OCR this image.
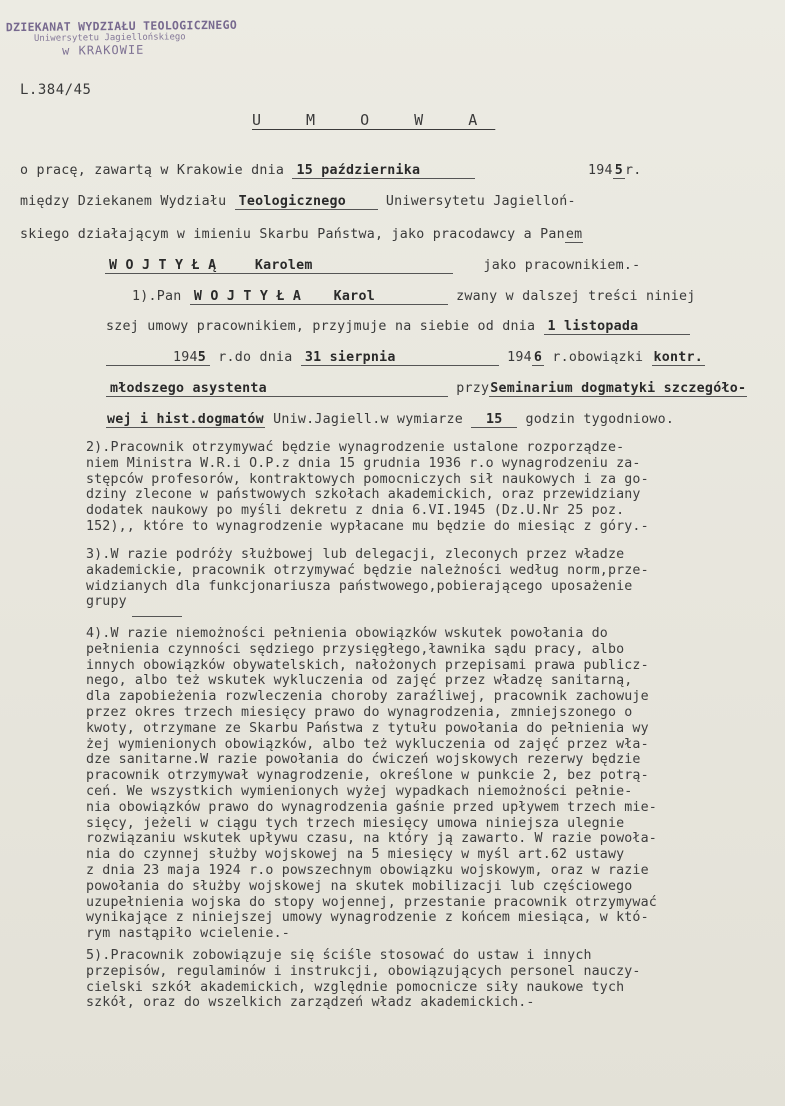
DZIEKANAT WYDZIAŁU TEOLOGICZNEGO
Uniwersytetu Jagiellońskiego
w KRAKOWIE
L.384/45
U M O W A
o pracę, zawartą w Krakowie dnia 15 października	194 5 r.
między Dziekanem Wydziału Teologicznego	Uniwersytetu Jagielloń-
skiego działającym w imieniu Skarbu Państwa, jako pracodawcy a Panem
W O J T Y Ł Ą	Karolem	jako pracownikiem.-
1).Pan W O J T Y Ł A Karol	zwany w dalszej treści niniej
szej umowy pracownikiem, przyjmuje na siebie od dnia 1 listopada
1945 r.do dnia 31 sierpnia	194 6 r.obowiązki kontr.
młodszego asystenta	przySeminarium dogmatyki szczegóło-
wej i hist.dogmatów Uniw.Jagiell.w wymiarze 15 godzin tygodniowo.
2).Pracownik otrzymywać będzie wynagrodzenie ustalone rozporządze-
niem Ministra W.R.i O.P.z dnia 15 grudnia 1936 r.o wynagrodzeniu za-
stępców profesorów, kontraktowych pomocniczych sił naukowych i za go-
dziny zlecone w państwowych szkołach akademickich, oraz przewidziany
dodatek naukowy po myśli dekretu z dnia 6.VI.1945 (Dz.U.Nr 25 poz.
152),, które to wynagrodzenie wypłacane mu będzie do miesiąc z góry.-
3).W razie podróży służbowej lub delegacji, zleconych przez władze
akademickie, pracownik otrzymywać będzie należności według norm,prze-
widzianych dla funkcjonariusza państwowego,pobierającego uposażenie
grupy
4).W razie niemożności pełnienia obowiązków wskutek powołania do
pełnienia czynności sędziego przysięgłego,ławnika sądu pracy, albo
innych obowiązków obywatelskich, nałożonych przepisami prawa publicz-
nego, albo też wskutek wykluczenia od zajęć przez władzę sanitarną,
dla zapobieżenia rozwleczenia choroby zaraźliwej, pracownik zachowuje
przez okres trzech miesięcy prawo do wynagrodzenia, zmniejszonego o
kwoty, otrzymane ze Skarbu Państwa z tytułu powołania do pełnienia wy
żej wymienionych obowiązków, albo też wykluczenia od zajęć przez wła-
dze sanitarne.W razie powołania do ćwiczeń wojskowych rezerwy będzie
pracownik otrzymywał wynagrodzenie, określone w punkcie 2, bez potrą-
ceń. We wszystkich wymienionych wyżej wypadkach niemożności pełnie-
nia obowiązków prawo do wynagrodzenia gaśnie przed upływem trzech mie-
sięcy, jeżeli w ciągu tych trzech miesięcy umowa niniejsza ulegnie
rozwiązaniu wskutek upływu czasu, na który ją zawarto. W razie powoła-
nia do czynnej służby wojskowej na 5 miesięcy w myśl art.62 ustawy
z dnia 23 maja 1924 r.o powszechnym obowiązku wojskowym, oraz w razie
powołania do służby wojskowej na skutek mobilizacji lub częściowego
uzupełnienia wojska do stopy wojennej, przestanie pracownik otrzymywać
wynikające z niniejszej umowy wynagrodzenie z końcem miesiąca, w któ-
rym nastąpiło wcielenie.-
5).Pracownik zobowiązuje się ściśle stosować do ustaw i innych
przepisów, regulaminów i instrukcji, obowiązujących personel nauczy-
cielski szkół akademickich, względnie pomocnicze siły naukowe tych
szkół, oraz do wszelkich zarządzeń władz akademickich.-
